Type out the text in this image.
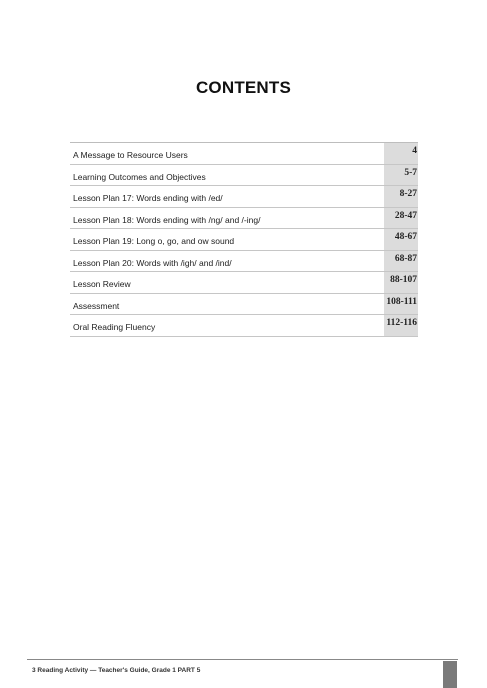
CONTENTS
A Message to Resource Users	4
Learning Outcomes and Objectives	5-7
Lesson Plan 17: Words ending with /ed/	8-27
Lesson Plan 18: Words ending with /ng/ and /-ing/	28-47
Lesson Plan 19: Long o, go, and ow sound	48-67
Lesson Plan 20: Words with /igh/ and /ind/	68-87
Lesson Review	88-107
Assessment	108-111
Oral Reading Fluency	112-116
3 Reading Activity — Teacher's Guide, Grade 1 PART 5
